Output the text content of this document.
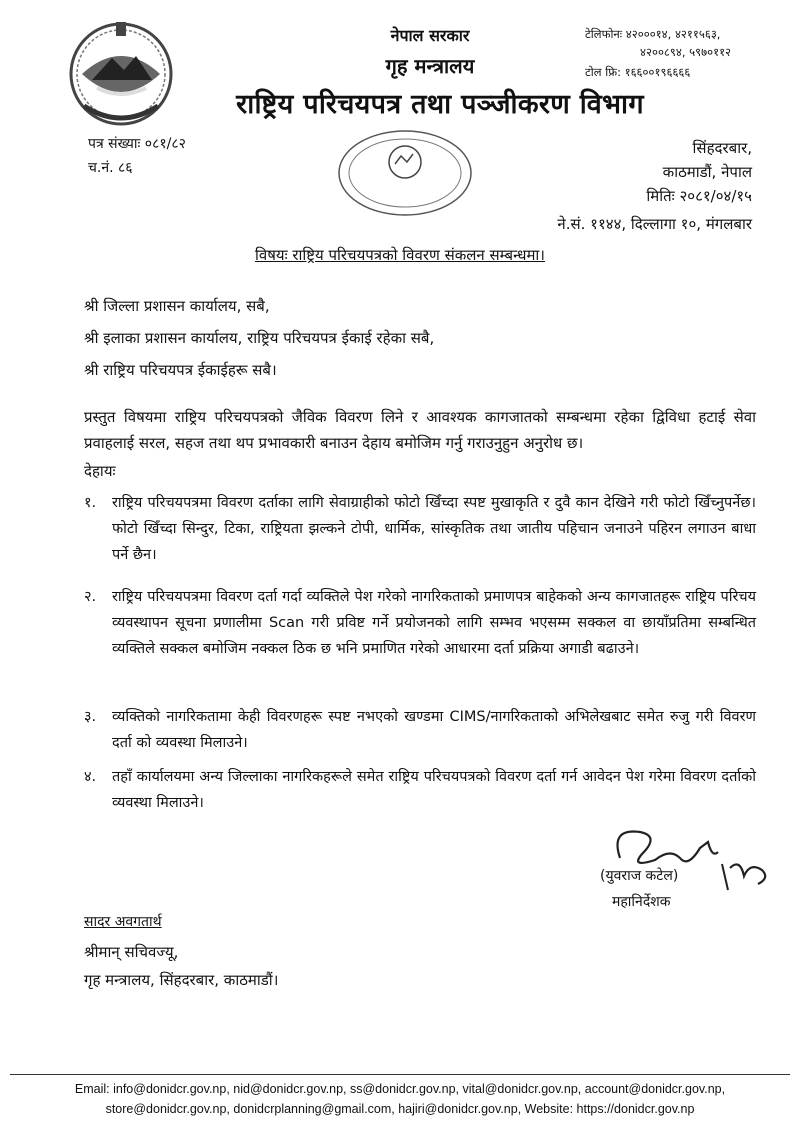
नेपाल सरकार
गृह मन्त्रालय
राष्ट्रिय परिचयपत्र तथा पञ्जीकरण विभाग
टेलिफोनः ४२०००१४, ४२११५६३,
४२००८९४, ५९७०११२
टोल फ्रि: १६६००१९६६६६
पत्र संख्याः ०८१/८२
च.नं. ८६
सिंहदरबार,
काठमाडौं, नेपाल
मितिः २०८१/०४/१५
ने.सं. ११४४, दिल्लागा १०, मंगलबार
विषयः राष्ट्रिय परिचयपत्रको विवरण संकलन सम्बन्धमा।
श्री जिल्ला प्रशासन कार्यालय, सबै,
श्री इलाका प्रशासन कार्यालय, राष्ट्रिय परिचयपत्र ईकाई रहेका सबै,
श्री राष्ट्रिय परिचयपत्र ईकाईहरू सबै।
प्रस्तुत विषयमा राष्ट्रिय परिचयपत्रको जैविक विवरण लिने र आवश्यक कागजातको सम्बन्धमा रहेका द्विविधा हटाई सेवा प्रवाहलाई सरल, सहज तथा थप प्रभावकारी बनाउन देहाय बमोजिम गर्नु गराउनुहुन अनुरोध छ।
देहायः
१.	राष्ट्रिय परिचयपत्रमा विवरण दर्ताका लागि सेवाग्राहीको फोटो खिँच्दा स्पष्ट मुखाकृति र दुवै कान देखिने गरी फोटो खिँच्नुपर्नेछ। फोटो खिँच्दा सिन्दुर, टिका, राष्ट्रियता झल्कने टोपी, धार्मिक, सांस्कृतिक तथा जातीय पहिचान जनाउने पहिरन लगाउन बाधा पर्ने छैन।
२.	राष्ट्रिय परिचयपत्रमा विवरण दर्ता गर्दा व्यक्तिले पेश गरेको नागरिकताको प्रमाणपत्र बाहेकको अन्य कागजातहरू राष्ट्रिय परिचय व्यवस्थापन सूचना प्रणालीमा Scan गरी प्रविष्ट गर्ने प्रयोजनको लागि सम्भव भएसम्म सक्कल वा छायाँप्रतिमा सम्बन्धित व्यक्तिले सक्कल बमोजिम नक्कल ठिक छ भनि प्रमाणित गरेको आधारमा दर्ता प्रक्रिया अगाडी बढाउने।
३.	व्यक्तिको नागरिकतामा केही विवरणहरू स्पष्ट नभएको खण्डमा CIMS/नागरिकताको अभिलेखबाट समेत रुजु गरी विवरण दर्ता को व्यवस्था मिलाउने।
४.	तहाँ कार्यालयमा अन्य जिल्लाका नागरिकहरूले समेत राष्ट्रिय परिचयपत्रको विवरण दर्ता गर्न आवेदन पेश गरेमा विवरण दर्ताको व्यवस्था मिलाउने।
(युवराज कटेल)
महानिर्देशक
सादर अवगतार्थ
श्रीमान् सचिवज्यू,
गृह मन्त्रालय, सिंहदरबार, काठमाडौं।
Email: info@donidcr.gov.np, nid@donidcr.gov.np, ss@donidcr.gov.np, vital@donidcr.gov.np, account@donidcr.gov.np,
store@donidcr.gov.np, donidcrplanning@gmail.com, hajiri@donidcr.gov.np, Website: https://donidcr.gov.np
